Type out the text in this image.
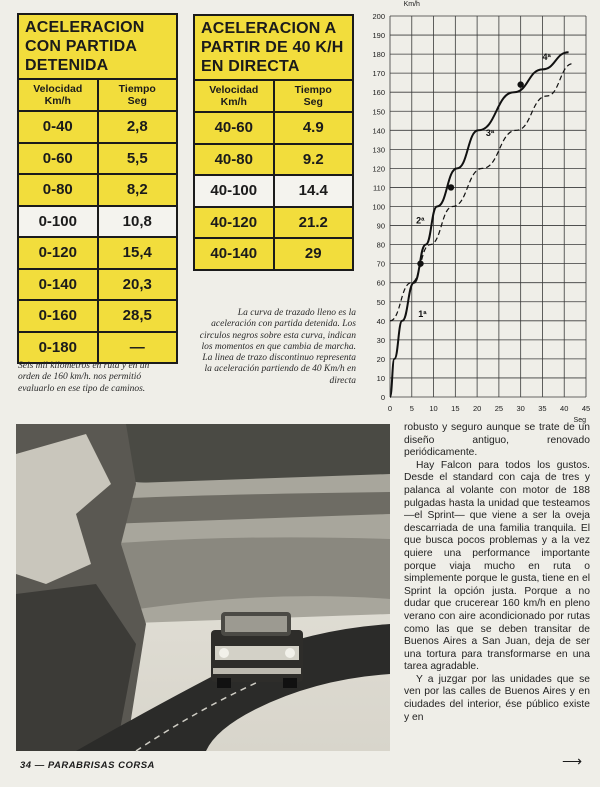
ACELERACION CON PARTIDA DETENIDA
Velocidad
Km/h
Tiempo
Seg
0-40	2,8
0-60	5,5
0-80	8,2
0-100	10,8
0-120	15,4
0-140	20,3
0-160	28,5
0-180	—
ACELERACION A PARTIR DE 40 K/H EN DIRECTA
Velocidad
Km/h
Tiempo
Seg
40-60	4.9
40-80	9.2
40-100	14.4
40-120	21.2
40-140	29
Seis mil kilometros en ruta y en un orden de 160 km/h. nos permitió evaluarlo en ese tipo de caminos.
La curva de trazado lleno es la aceleración con partida detenida. Los circulos negros sobre esta curva, indican los momentos en que cambia de marcha. La linea de trazo discontinuo representa la aceleración partiendo de 40 Km/h en directa
0
10
20
30
40
50
60
70
80
90
100
110
120
130
140
150
160
170
180
190
200
0 5 10 15 20 25 30 35 40 45
Km/h
Seg
1ª
2ª
3ª
4ª

robusto y seguro aunque se trate de un diseño antiguo, renovado periódicamente.

Hay Falcon para todos los gustos. Desde el standard con caja de tres y palanca al volante con motor de 188 pulgadas hasta la unidad que testeamos —el Sprint— que viene a ser la oveja descarriada de una familia tranquila. El que busca pocos problemas y a la vez quiere una performance importante porque viaja mucho en ruta o simplemente porque le gusta, tiene en el Sprint la opción justa. Porque a no dudar que crucerear 160 km/h en pleno verano con aire acondicionado por rutas como las que se deben transitar de Buenos Aires a San Juan, deja de ser una tortura para transformarse en una tarea agradable.

Y a juzgar por las unidades que se ven por las calles de Buenos Aires y en ciudades del interior, ése público existe y en

34 — PARABRISAS CORSA	⟶
